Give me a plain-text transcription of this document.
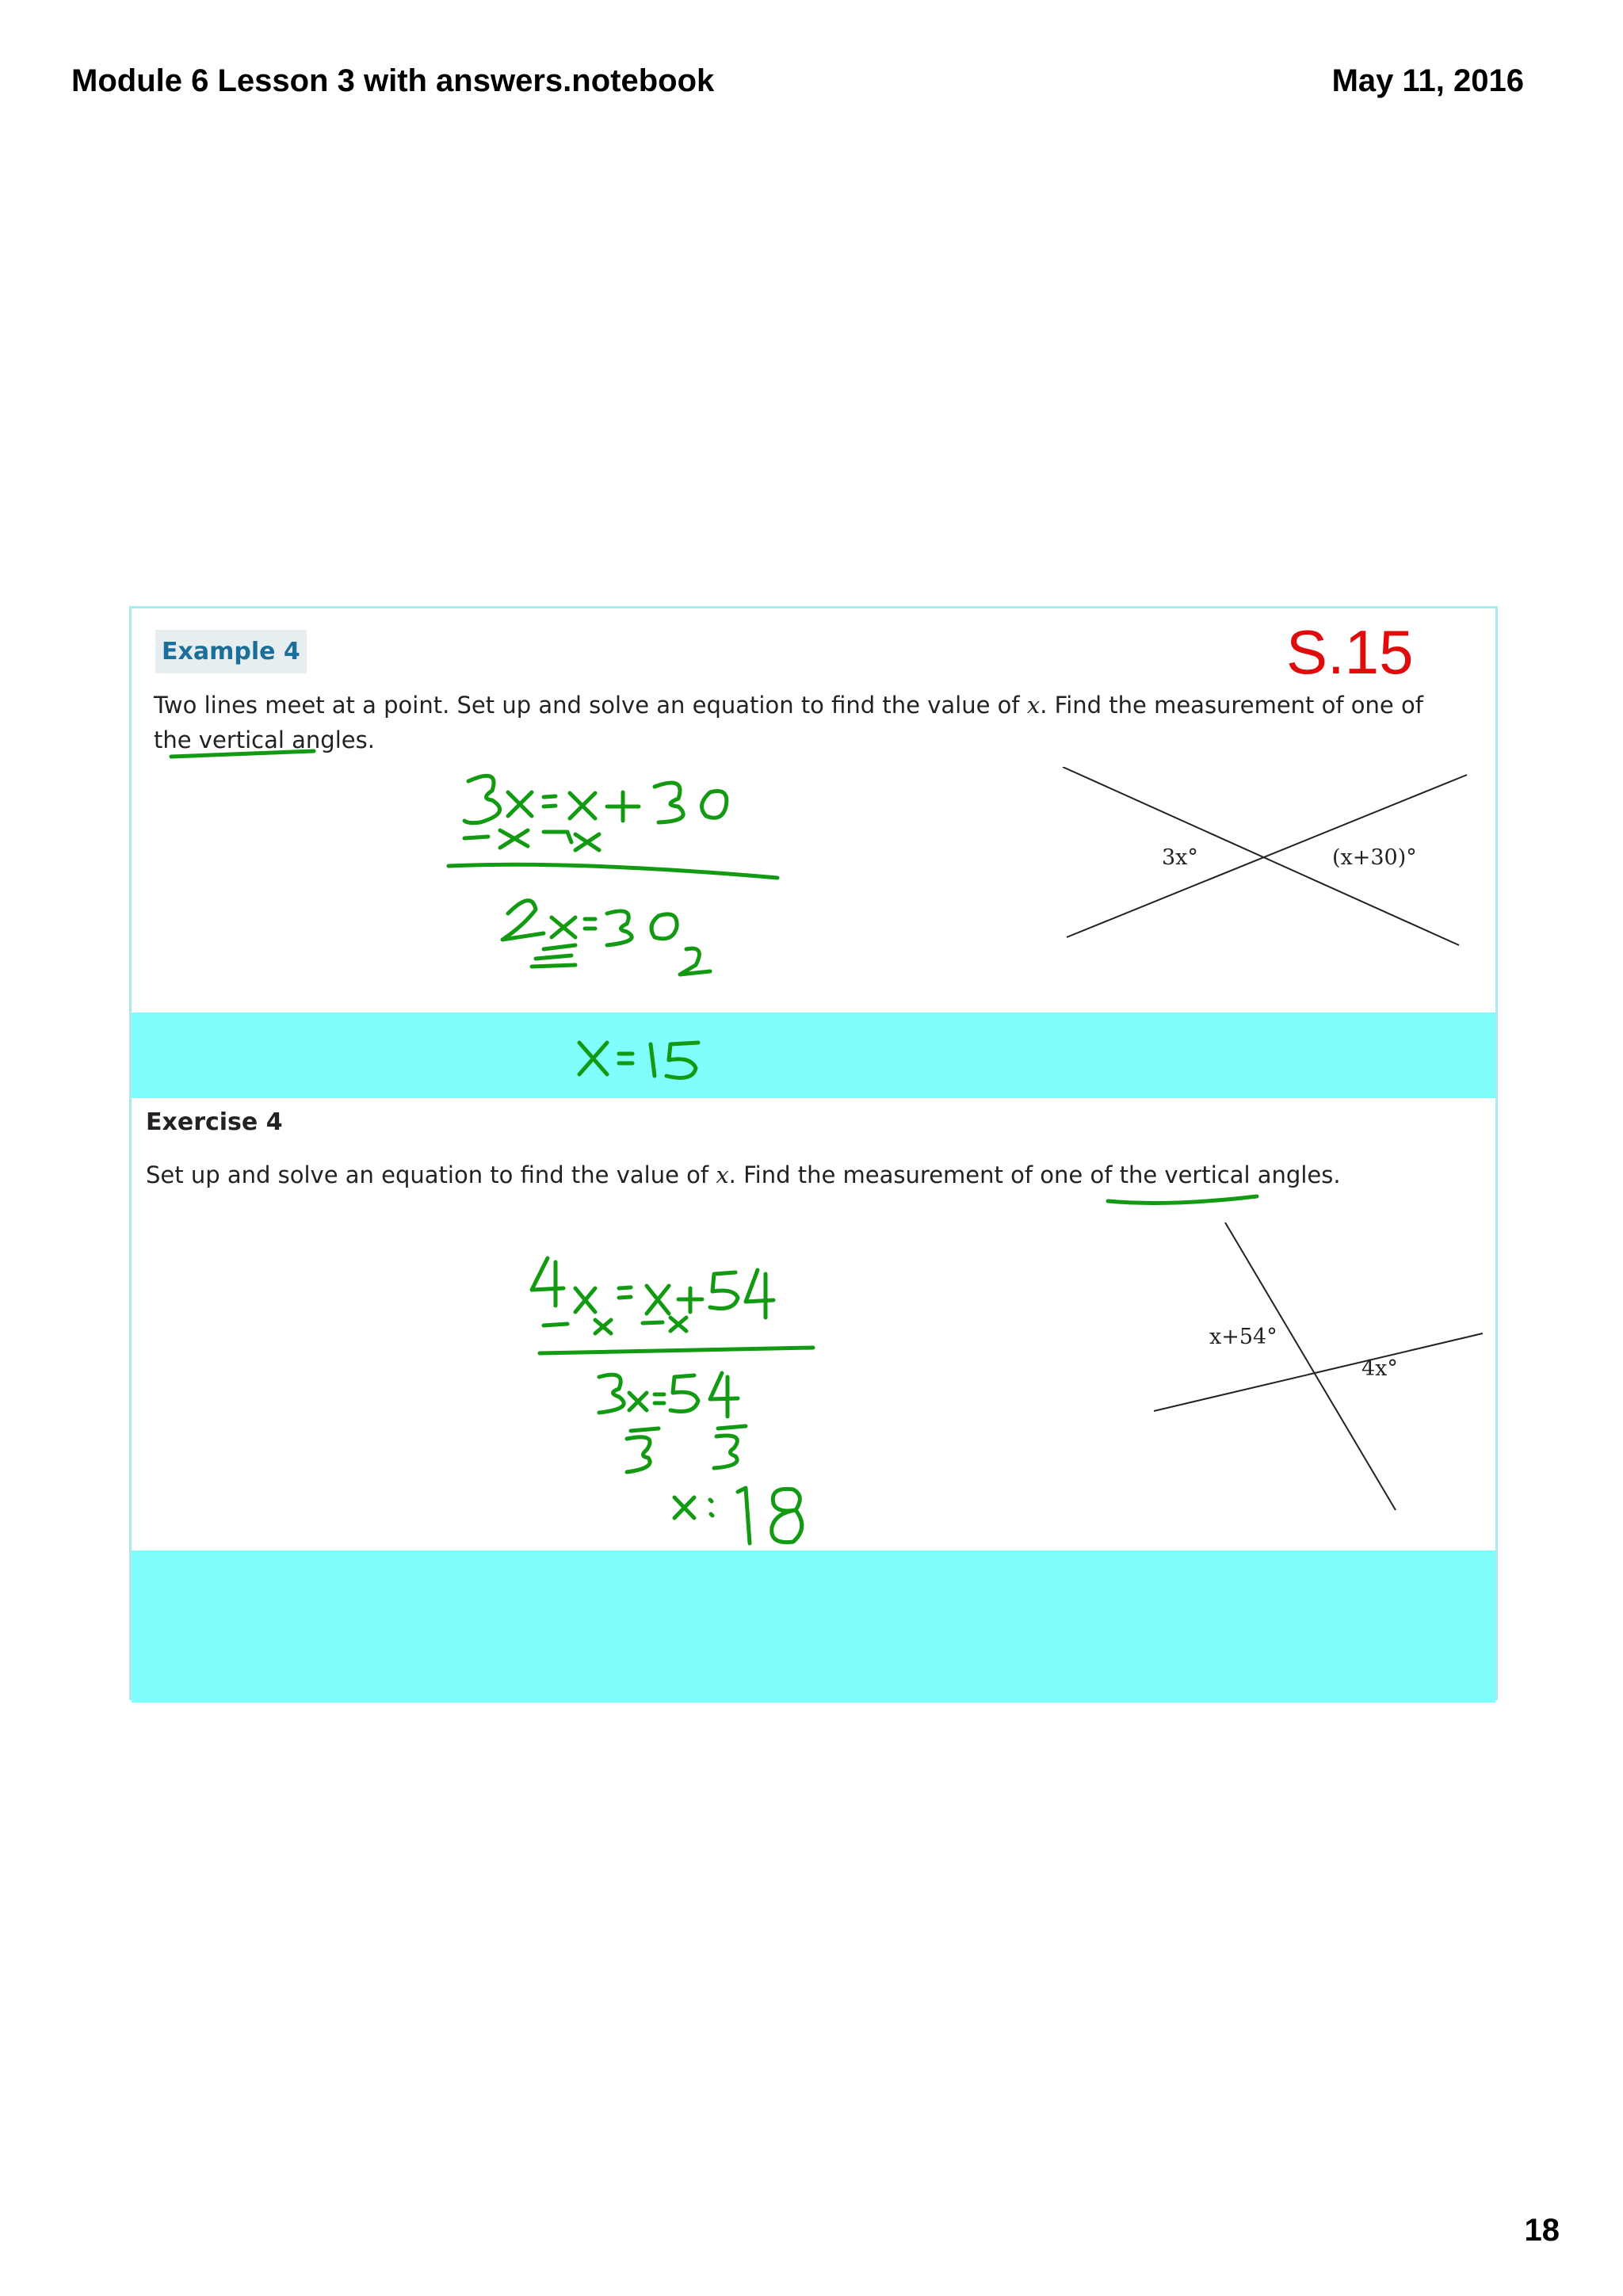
Module 6 Lesson 3 with answers.notebook	May 11, 2016
Example 4	S.15
Two lines meet at a point. Set up and solve an equation to find the value of x. Find the measurement of one of the vertical angles.
3x°	(x+30)°
Exercise 4
Set up and solve an equation to find the value of x. Find the measurement of one of the vertical angles.
x+54°
4x°
18
